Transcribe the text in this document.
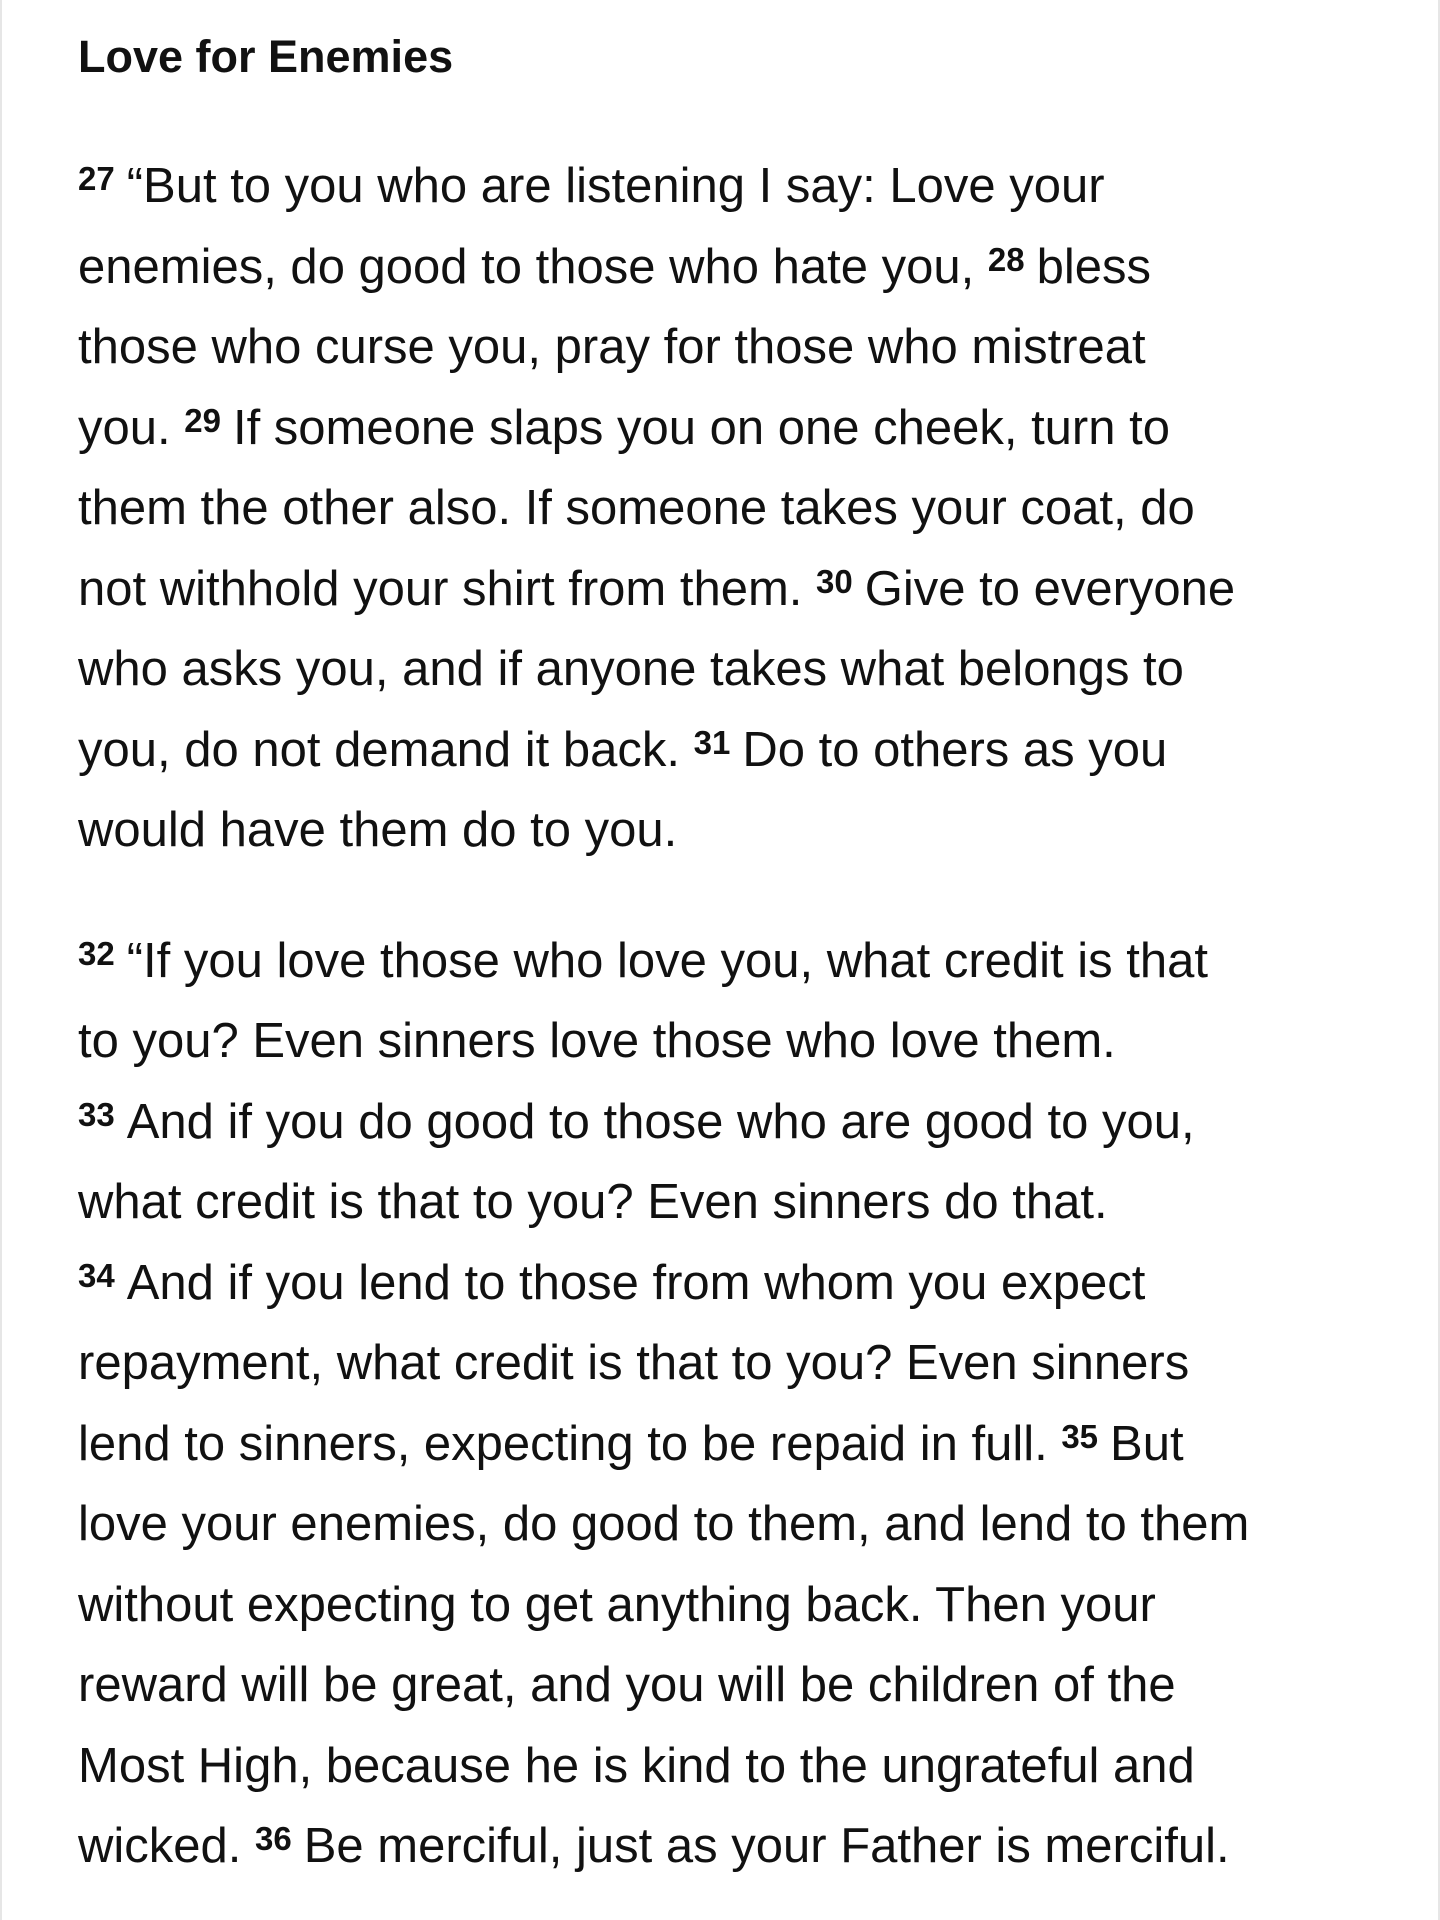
Love for Enemies

$^{27}$ “But to you who are listening I say: Love your
enemies, do good to those who hate you, $^{28}$ bless
those who curse you, pray for those who mistreat
you. $^{29}$ If someone slaps you on one cheek, turn to
them the other also. If someone takes your coat, do
not withhold your shirt from them. $^{30}$ Give to everyone
who asks you, and if anyone takes what belongs to
you, do not demand it back. $^{31}$ Do to others as you
would have them do to you.

$^{32}$ “If you love those who love you, what credit is that
to you? Even sinners love those who love them.
$^{33}$ And if you do good to those who are good to you,
what credit is that to you? Even sinners do that.
$^{34}$ And if you lend to those from whom you expect
repayment, what credit is that to you? Even sinners
lend to sinners, expecting to be repaid in full. $^{35}$ But
love your enemies, do good to them, and lend to them
without expecting to get anything back. Then your
reward will be great, and you will be children of the
Most High, because he is kind to the ungrateful and
wicked. $^{36}$ Be merciful, just as your Father is merciful.
